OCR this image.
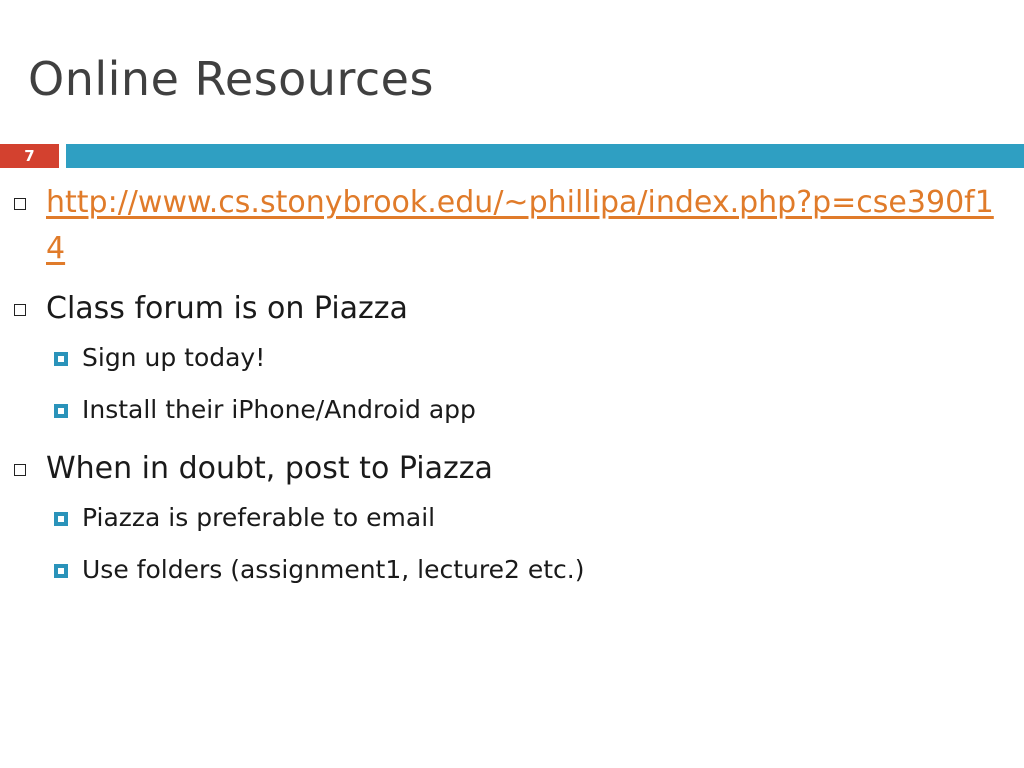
Online Resources
7
http://www.cs.stonybrook.edu/~phillipa/index.php?p=cse390f14
Class forum is on Piazza
Sign up today!
Install their iPhone/Android app
When in doubt, post to Piazza
Piazza is preferable to email
Use folders (assignment1, lecture2 etc.)
